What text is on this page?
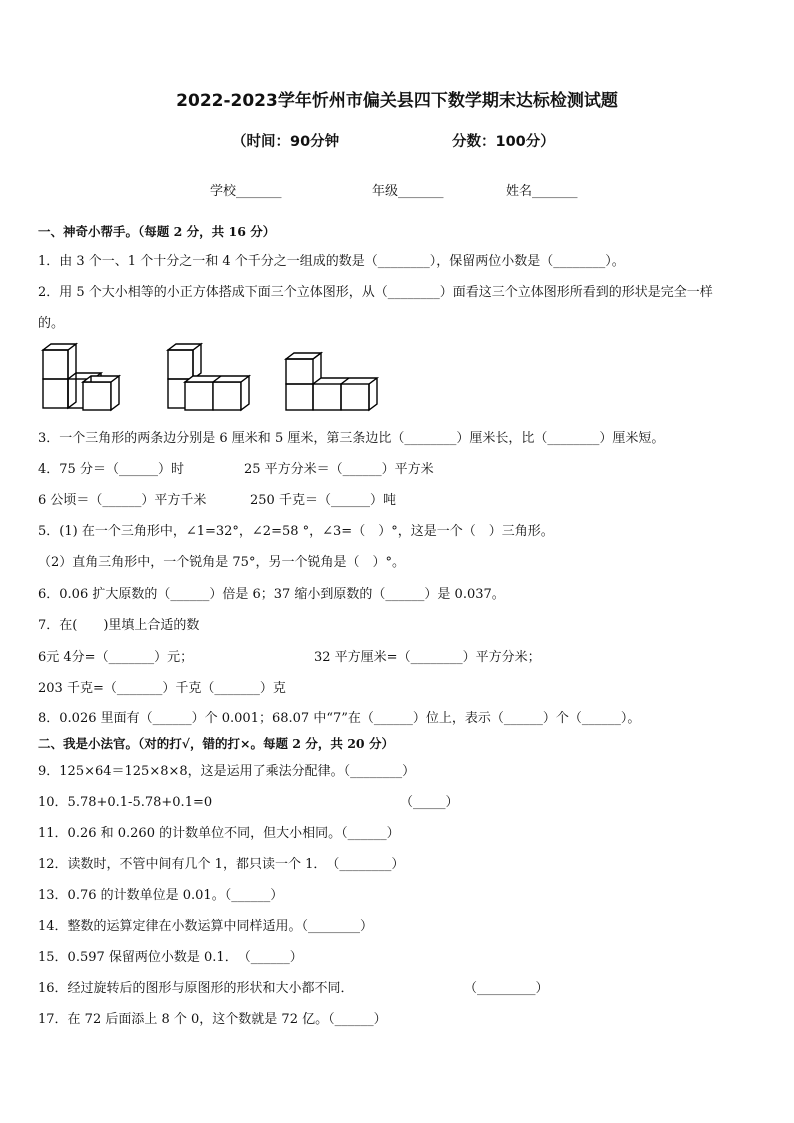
2022-2023学年忻州市偏关县四下数学期末达标检测试题
（时间：90分钟	分数：100分）
学校_______	年级_______	姓名_______
一、神奇小帮手。（每题 2 分，共 16 分）
1．由 3 个一、1 个十分之一和 4 个千分之一组成的数是（________），保留两位小数是（________）。
2．用 5 个大小相等的小正方体搭成下面三个立体图形，从（________）面看这三个立体图形所看到的形状是完全一样
的。
3．一个三角形的两条边分别是 6 厘米和 5 厘米，第三条边比（________）厘米长，比（________）厘米短。
4．75 分＝（______）时	25 平方分米＝（______）平方米
6 公顷＝（______）平方千米	250 千克＝（______）吨
5．(1) 在一个三角形中，∠1=32°，∠2=58 °，∠3=（　）°，这是一个（　）三角形。
（2）直角三角形中，一个锐角是 75°，另一个锐角是（　）°。
6．0.06 扩大原数的（______）倍是 6；37 缩小到原数的（______）是 0.037。
7．在(　　)里填上合适的数
6元 4分=（_______）元；	32 平方厘米=（________）平方分米；
203 千克=（_______）千克（_______）克
8．0.026 里面有（______）个 0.001；68.07 中“7”在（______）位上，表示（______）个（______）。
二、我是小法官。（对的打√，错的打×。每题 2 分，共 20 分）
9．125×64＝125×8×8，这是运用了乘法分配律。（________）
10．5.78+0.1-5.78+0.1=0	（_____）
11．0.26 和 0.260 的计数单位不同，但大小相同。（______）
12．读数时，不管中间有几个 1，都只读一个 1．　（________）
13．0.76 的计数单位是 0.01。（______）
14．整数的运算定律在小数运算中同样适用。（________）
15．0.597 保留两位小数是 0.1．　（______）
16．经过旋转后的图形与原图形的形状和大小都不同．	（_________）
17．在 72 后面添上 8 个 0，这个数就是 72 亿。（______）
